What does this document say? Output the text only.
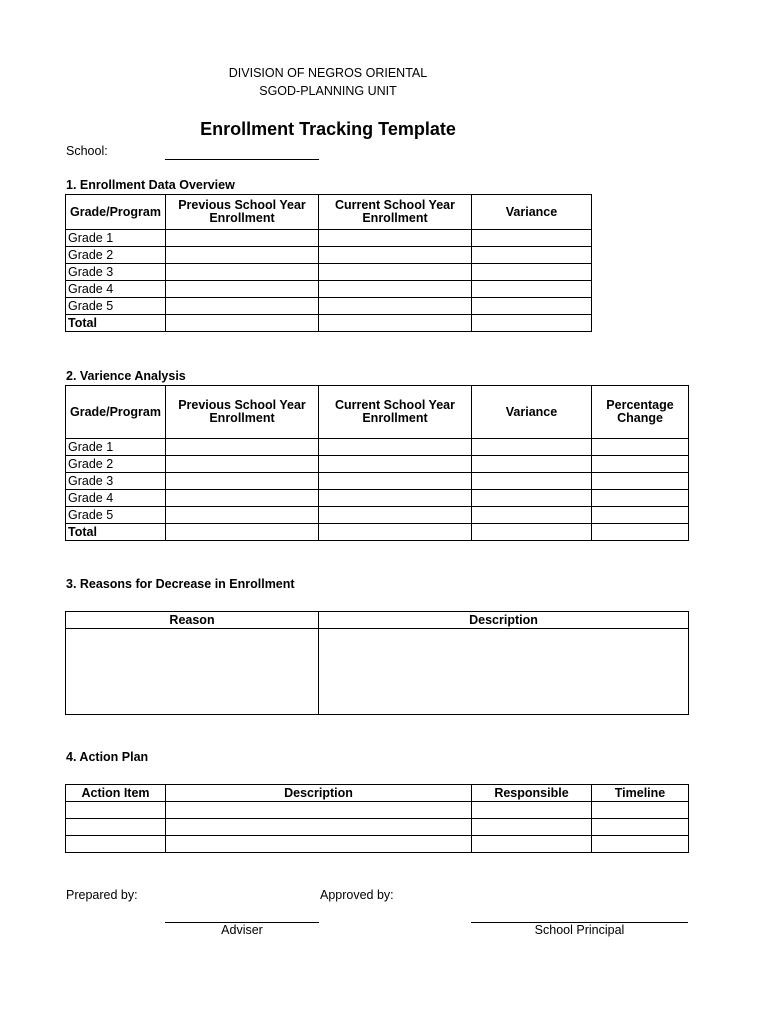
DIVISION OF NEGROS ORIENTAL
SGOD-PLANNING UNIT
Enrollment Tracking Template
School:
1. Enrollment Data Overview
Grade/Program	Previous School Year Enrollment	Current School Year Enrollment	Variance
Grade 1			
Grade 2			
Grade 3			
Grade 4			
Grade 5			
Total			
2. Varience Analysis
Grade/Program	Previous School Year Enrollment	Current School Year Enrollment	Variance	Percentage Change
Grade 1				
Grade 2				
Grade 3				
Grade 4				
Grade 5				
Total				
3. Reasons for Decrease in Enrollment
Reason	Description

4. Action Plan
Action Item	Description	Responsible	Timeline

Prepared by:	Approved by:
Adviser	School Principal
